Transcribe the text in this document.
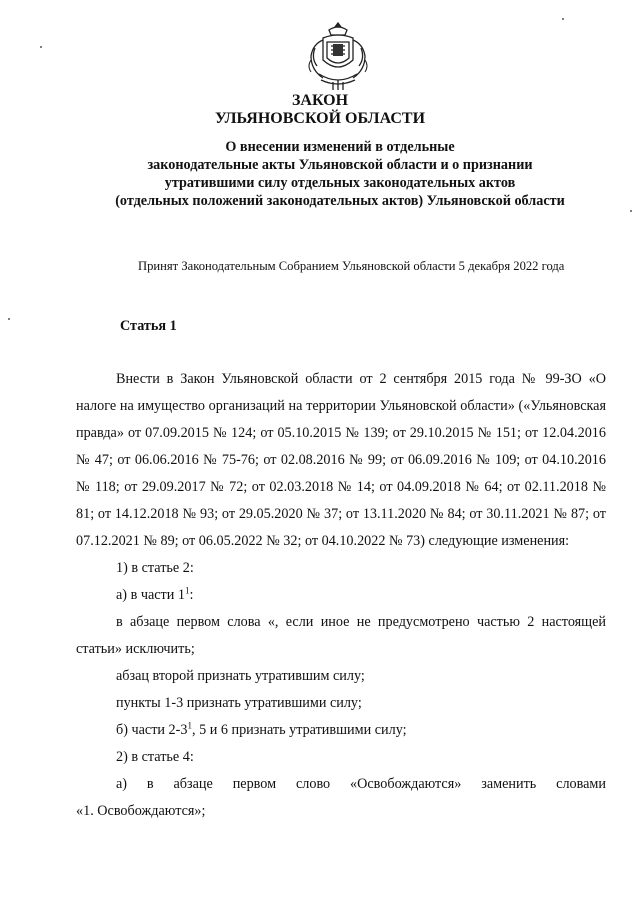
ЗАКОН
УЛЬЯНОВСКОЙ ОБЛАСТИ
О внесении изменений в отдельные
законодательные акты Ульяновской области и о признании
утратившими силу отдельных законодательных актов
(отдельных положений законодательных актов) Ульяновской области
Принят Законодательным Собранием Ульяновской области 5 декабря 2022 года
Статья 1

Внести в Закон Ульяновской области от 2 сентября 2015 года № 99-ЗО «О налоге на имущество организаций на территории Ульяновской области» («Ульяновская правда» от 07.09.2015 № 124; от 05.10.2015 № 139; от 29.10.2015 № 151; от 12.04.2016 № 47; от 06.06.2016 № 75-76; от 02.08.2016 № 99; от 06.09.2016 № 109; от 04.10.2016 № 118; от 29.09.2017 № 72; от 02.03.2018 № 14; от 04.09.2018 № 64; от 02.11.2018 № 81; от 14.12.2018 № 93; от 29.05.2020 № 37; от 13.11.2020 № 84; от 30.11.2021 № 87; от 07.12.2021 № 89; от 06.05.2022 № 32; от 04.10.2022 № 73) следующие изменения:

1) в статье 2:

а) в части $1^1$:

в абзаце первом слова «, если иное не предусмотрено частью 2 настоящей

статьи» исключить;

абзац второй признать утратившим силу;

пункты 1-3 признать утратившими силу;

б) части $2-3^1$, 5 и 6 признать утратившими силу;

2) в статье 4:

а) в абзаце первом слово «Освобождаются» заменить словами

«1. Освобождаются»;
